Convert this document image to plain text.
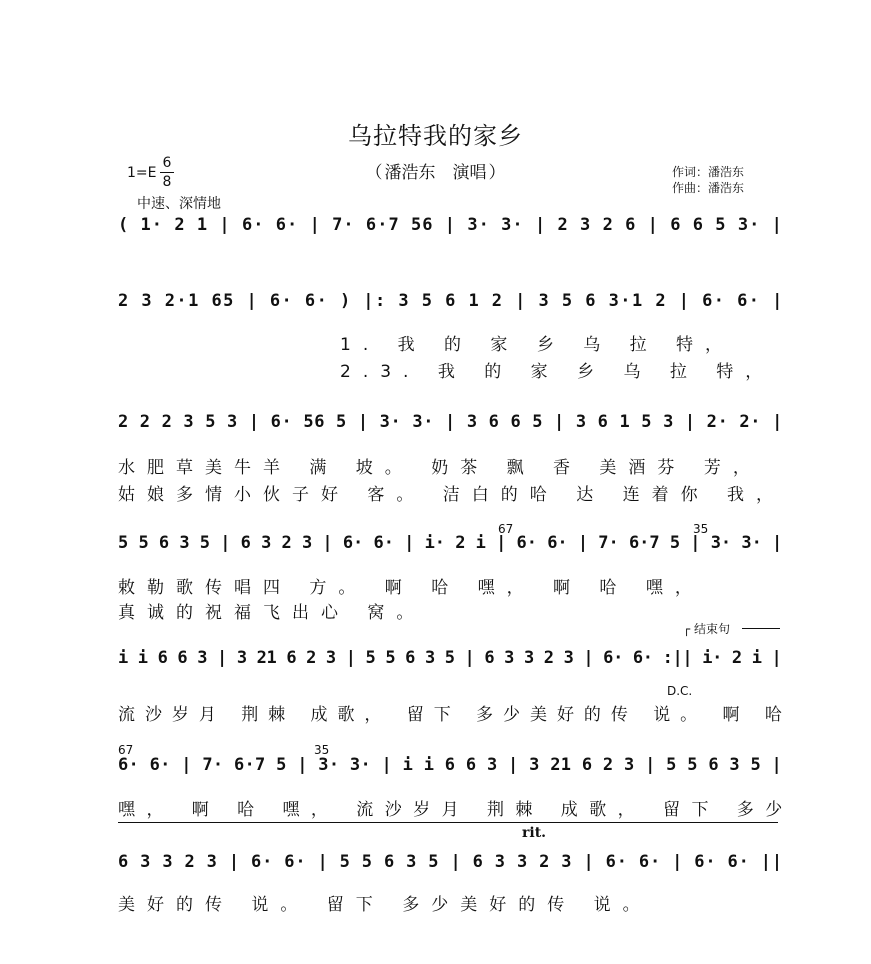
乌拉特我的家乡
（ 潘浩东　演唱 ）	作词：潘浩东
作曲：潘浩东
1=E
6
8
中速、深情地
( 1· 2 1 | 6· 6· | 7· 6·7 56 | 3· 3· | 2 3 2 6 | 6 6 5 3· |
2 3 2·1 65 | 6· 6· ) |: 3 5 6 1 2 | 3 5 6 3·1 2 | 6· 6· |
1. 我 的 家 乡 乌 拉 特，
2.3. 我 的 家 乡 乌 拉 特，
2 2 2 3 5 3 | 6· 56 5 | 3· 3· | 3 6 6 5 | 3 6 1 5 3 | 2· 2· |
水肥草美牛羊 满 坡。 奶茶 飘 香 美酒芬 芳，
姑娘多情小伙子好 客。 洁白的哈 达 连着你 我，
67	35
5 5 6 3 5 | 6 3 2 3 | 6· 6· | i· 2 i | 6· 6· | 7· 6·7 5 | 3· 3· |
敕勒歌传唱四 方。 啊 哈 嘿， 啊 哈 嘿，
真诚的祝福飞出心 窝。
┌ 结束句
i i 6 6 3 | 3 21 6 2 3 | 5 5 6 3 5 | 6 3 3 2 3 | 6· 6· :|| i· 2 i |
D.C.
流沙岁月 荆棘 成歌， 留下 多少美好的传 说。 啊 哈
67	35
6· 6· | 7· 6·7 5 | 3· 3· | i i 6 6 3 | 3 21 6 2 3 | 5 5 6 3 5 |
嘿， 啊 哈 嘿， 流沙岁月 荆棘 成歌， 留下 多少
rit.
6 3 3 2 3 | 6· 6· | 5 5 6 3 5 | 6 3 3 2 3 | 6· 6· | 6· 6· ||
美好的传 说。 留下 多少美好的传 说。
